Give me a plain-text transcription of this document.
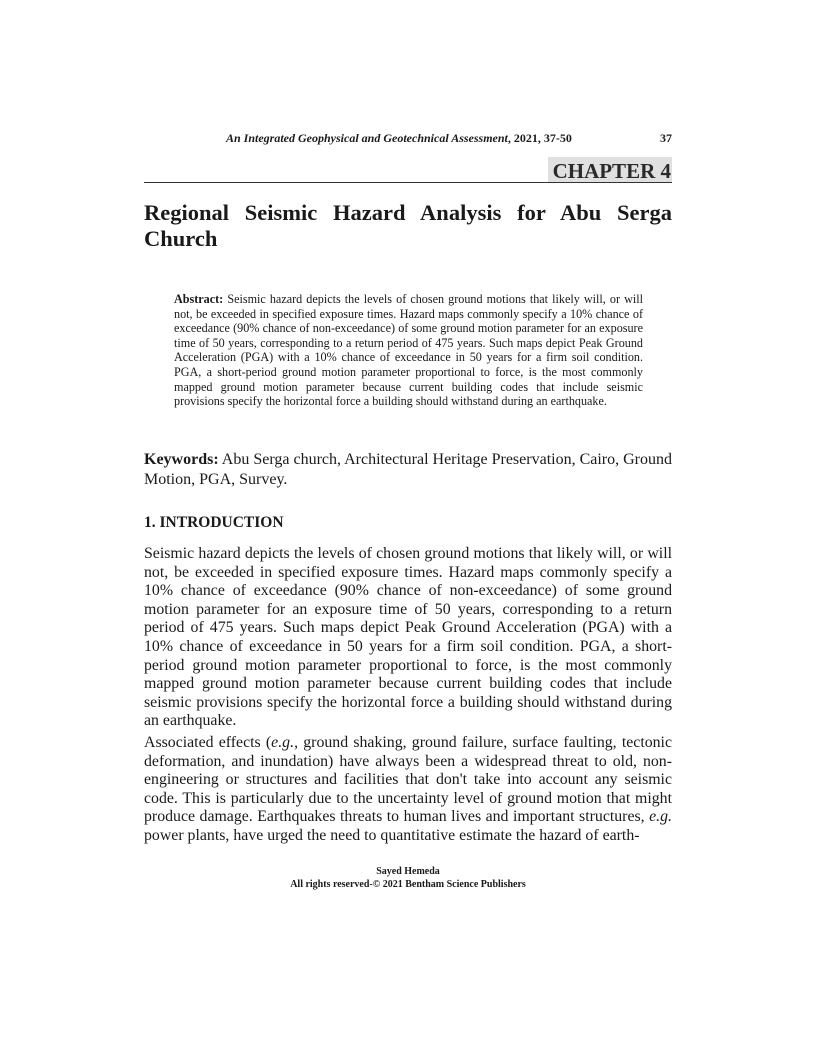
An Integrated Geophysical and Geotechnical Assessment, 2021, 37-50	37
CHAPTER 4
Regional Seismic Hazard Analysis for Abu Serga Church

Abstract: Seismic hazard depicts the levels of chosen ground motions that likely will, or will not, be exceeded in specified exposure times. Hazard maps commonly specify a 10% chance of exceedance (90% chance of non-exceedance) of some ground motion parameter for an exposure time of 50 years, corresponding to a return period of 475 years. Such maps depict Peak Ground Acceleration (PGA) with a 10% chance of exceedance in 50 years for a firm soil condition. PGA, a short-period ground motion parameter proportional to force, is the most commonly mapped ground motion parameter because current building codes that include seismic provisions specify the horizontal force a building should withstand during an earthquake.

Keywords: Abu Serga church, Architectural Heritage Preservation, Cairo, Ground Motion, PGA, Survey.

1. INTRODUCTION

Seismic hazard depicts the levels of chosen ground motions that likely will, or will not, be exceeded in specified exposure times. Hazard maps commonly specify a 10% chance of exceedance (90% chance of non-exceedance) of some ground motion parameter for an exposure time of 50 years, corresponding to a return period of 475 years. Such maps depict Peak Ground Acceleration (PGA) with a 10% chance of exceedance in 50 years for a firm soil condition. PGA, a short-period ground motion parameter proportional to force, is the most commonly mapped ground motion parameter because current building codes that include seismic provisions specify the horizontal force a building should withstand during an earthquake.

Associated effects (e.g., ground shaking, ground failure, surface faulting, tectonic deformation, and inundation) have always been a widespread threat to old, non-engineering or structures and facilities that don't take into account any seismic code. This is particularly due to the uncertainty level of ground motion that might produce damage. Earthquakes threats to human lives and important structures, e.g. power plants, have urged the need to quantitative estimate the hazard of earth-

Sayed Hemeda
All rights reserved-© 2021 Bentham Science Publishers
